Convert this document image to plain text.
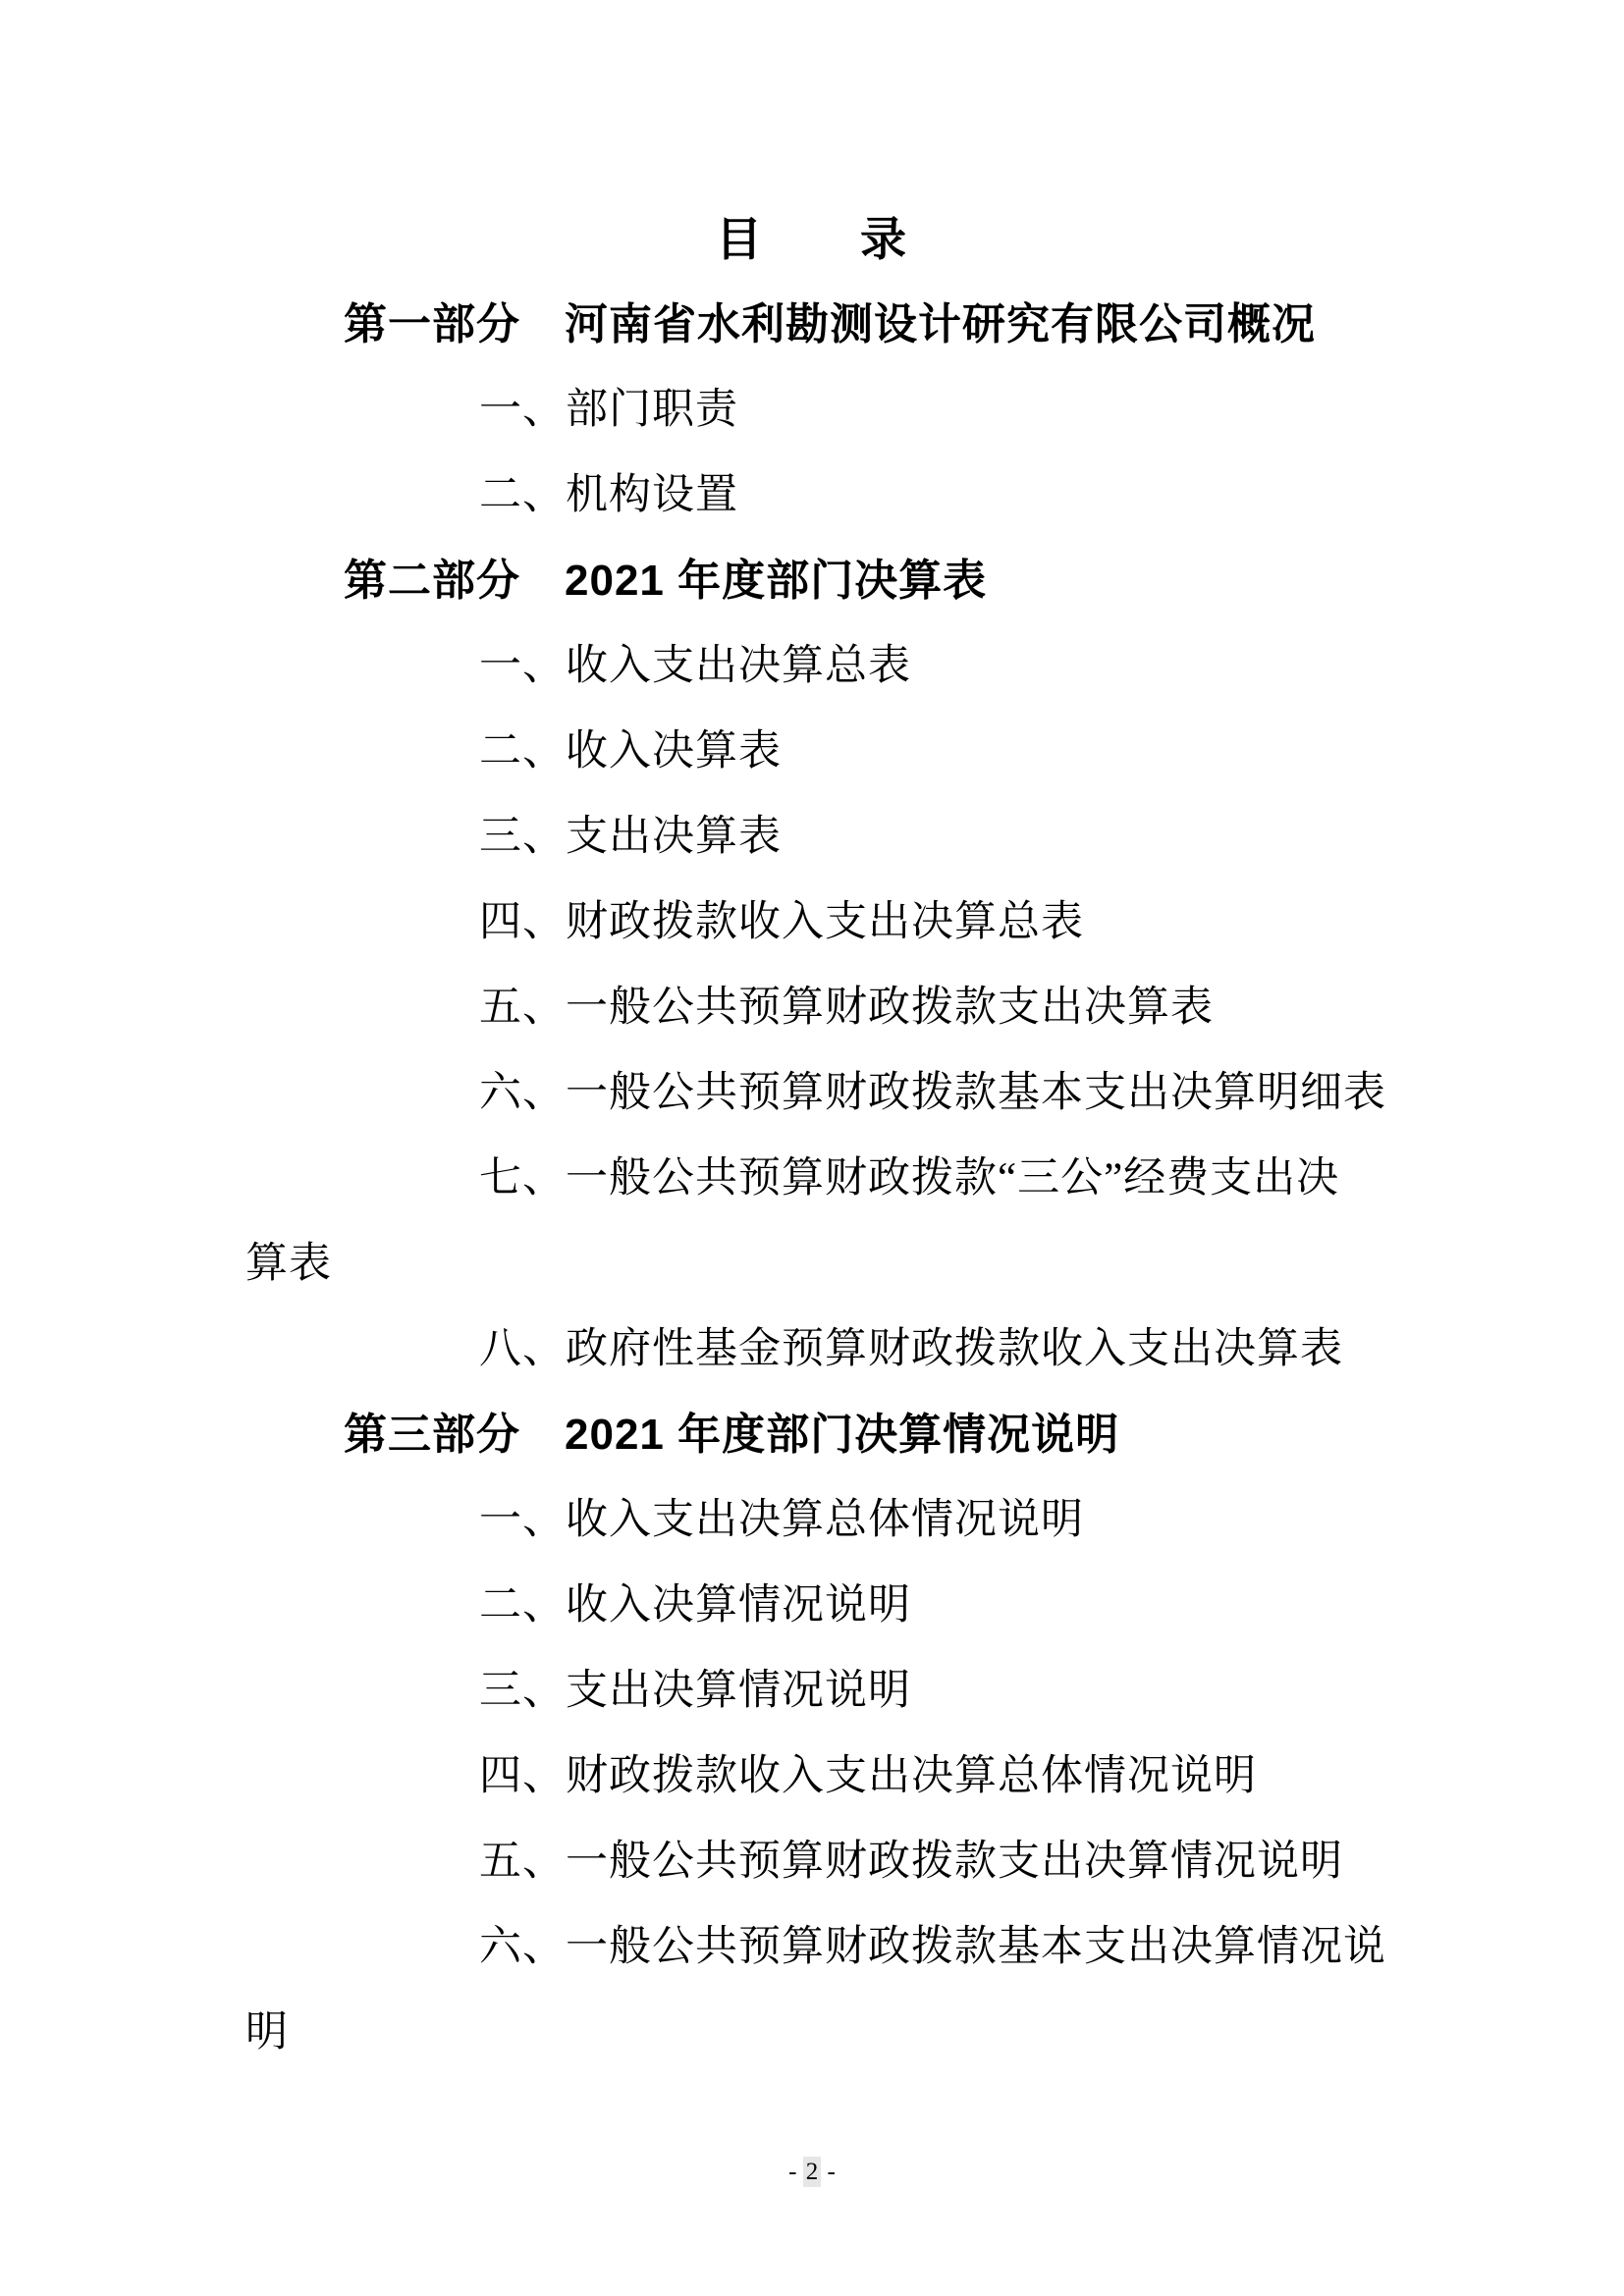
目　　录
第一部分　河南省水利勘测设计研究有限公司概况
一、部门职责
二、机构设置
第二部分　2021 年度部门决算表
一、收入支出决算总表
二、收入决算表
三、支出决算表
四、财政拨款收入支出决算总表
五、一般公共预算财政拨款支出决算表
六、一般公共预算财政拨款基本支出决算明细表
七、一般公共预算财政拨款“三公”经费支出决
算表
八、政府性基金预算财政拨款收入支出决算表
第三部分　2021 年度部门决算情况说明
一、收入支出决算总体情况说明
二、收入决算情况说明
三、支出决算情况说明
四、财政拨款收入支出决算总体情况说明
五、一般公共预算财政拨款支出决算情况说明
六、一般公共预算财政拨款基本支出决算情况说
明
- 2 -
